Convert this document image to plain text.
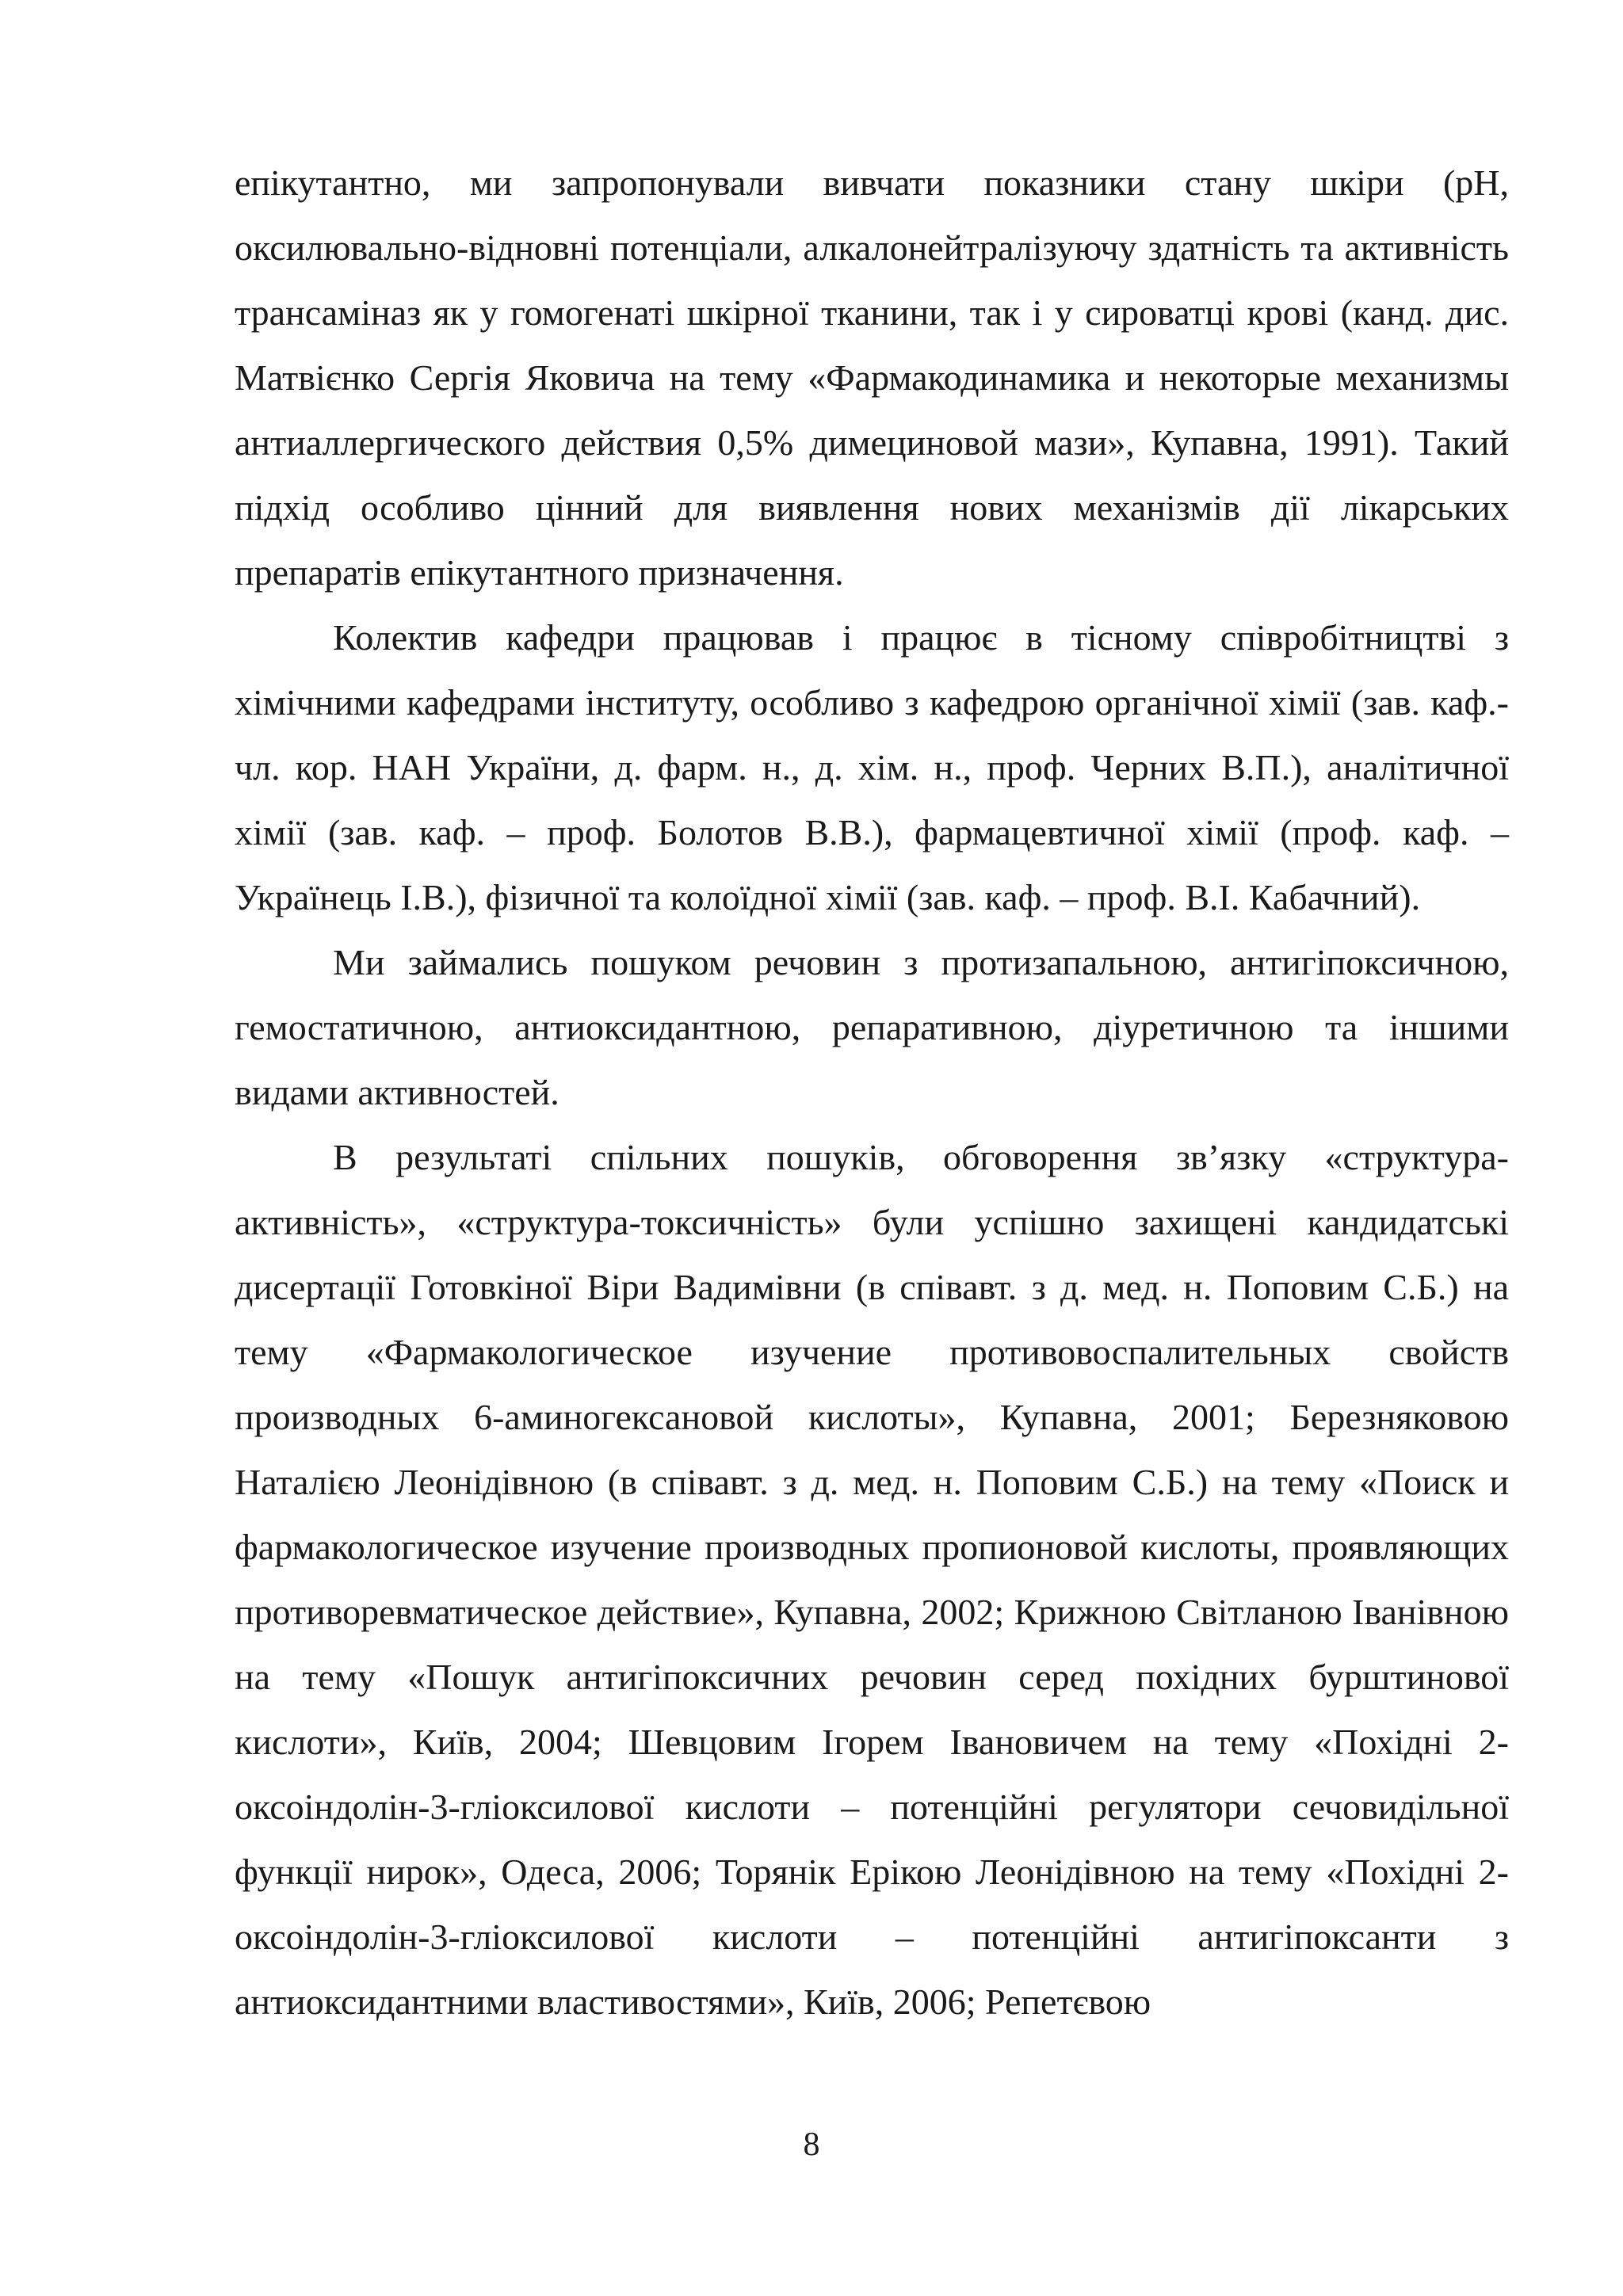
епікутантно, ми запропонували вивчати показники стану шкіри (рН, оксилювально-відновні потенціали, алкалонейтралізуючу здатність та активність трансаміназ як у гомогенаті шкірної тканини, так і у сироватці крові (канд. дис. Матвієнко Сергія Яковича на тему «Фармакодинамика и некоторые механизмы антиаллергического действия 0,5% димециновой мази», Купавна, 1991). Такий підхід особливо цінний для виявлення нових механізмів дії лікарських препаратів епікутантного призначення.

Колектив кафедри працював і працює в тісному співробітництві з хімічними кафедрами інституту, особливо з кафедрою органічної хімії (зав. каф.-чл. кор. НАН України, д. фарм. н., д. хім. н., проф. Черних В.П.), аналітичної хімії (зав. каф. – проф. Болотов В.В.), фармацевтичної хімії (проф. каф. – Українець І.В.), фізичної та колоїдної хімії (зав. каф. – проф. В.І. Кабачний).

Ми займались пошуком речовин з протизапальною, антигіпоксичною, гемостатичною, антиоксидантною, репаративною, діуретичною та іншими видами активностей.

В результаті спільних пошуків, обговорення зв’язку «структура-активність», «структура-токсичність» були успішно захищені кандидатські дисертації Готовкіної Віри Вадимівни (в співавт. з д. мед. н. Поповим С.Б.) на тему «Фармакологическое изучение противовоспалительных свойств производных 6-аминогексановой кислоты», Купавна, 2001; Березняковою Наталією Леонідівною (в співавт. з д. мед. н. Поповим С.Б.) на тему «Поиск и фармакологическое изучение производных пропионовой кислоты, проявляющих противоревматическое действие», Купавна, 2002; Крижною Світланою Іванівною на тему «Пошук антигіпоксичних речовин серед похідних бурштинової кислоти», Київ, 2004; Шевцовим Ігорем Івановичем на тему «Похідні 2-оксоіндолін-3-гліоксилової кислоти – потенційні регулятори сечовидільної функції нирок», Одеса, 2006; Торянік Ерікою Леонідівною на тему «Похідні 2-оксоіндолін-3-гліоксилової кислоти – потенційні антигіпоксанти з антиоксидантними властивостями», Київ, 2006; Репетєвою

8
